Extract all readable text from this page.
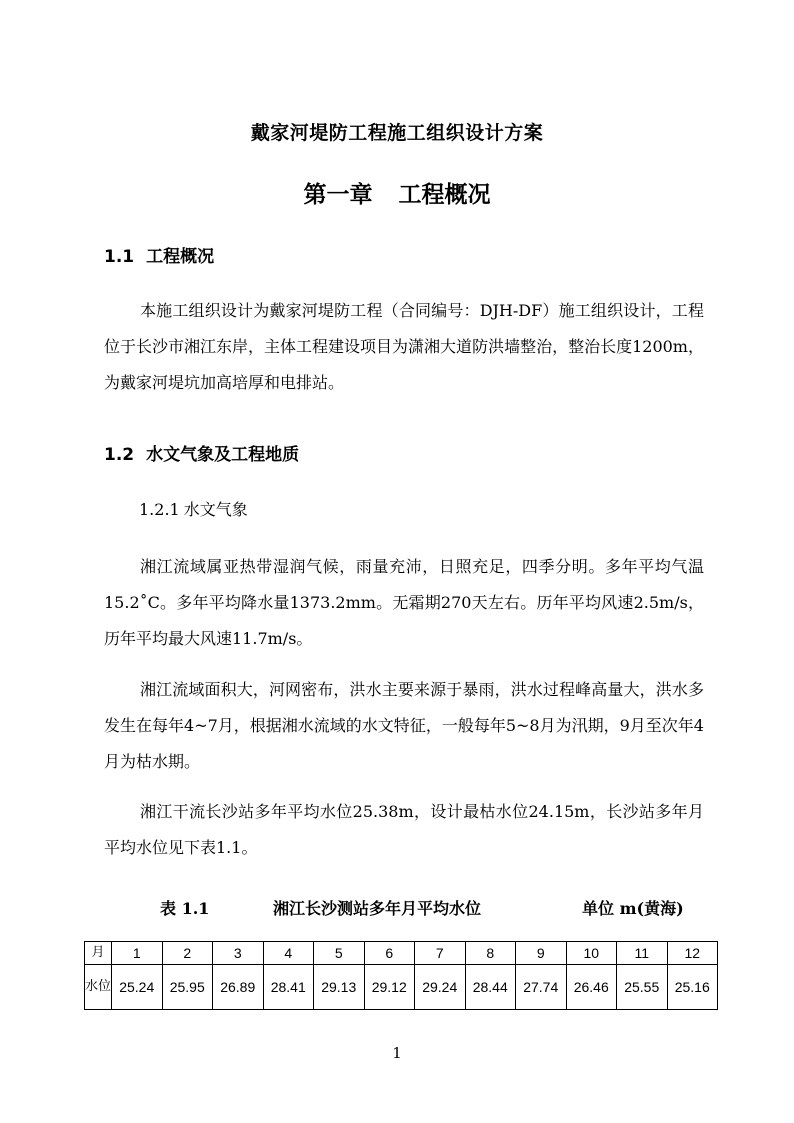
戴家河堤防工程施工组织设计方案
第一章 工程概况
1.1 工程概况
本施工组织设计为戴家河堤防工程（合同编号：DJH-DF）施工组织设计，工程位于长沙市湘江东岸，主体工程建设项目为潇湘大道防洪墙整治，整治长度1200m，为戴家河堤坑加高培厚和电排站。
1.2 水文气象及工程地质
1.2.1 水文气象
湘江流域属亚热带湿润气候，雨量充沛，日照充足，四季分明。多年平均气温15.2˚C。多年平均降水量1373.2mm。无霜期270天左右。历年平均风速2.5m/s，历年平均最大风速11.7m/s。
湘江流域面积大，河网密布，洪水主要来源于暴雨，洪水过程峰高量大，洪水多发生在每年4~7月，根据湘水流域的水文特征，一般每年5~8月为汛期，9月至次年4月为枯水期。
湘江干流长沙站多年平均水位25.38m，设计最枯水位24.15m，长沙站多年月平均水位见下表1.1。
表 1.1	湘江长沙测站多年月平均水位	单位 m(黄海)
月	1	2	3	4	5	6	7	8	9	10	11	12
水位	25.24	25.95	26.89	28.41	29.13	29.12	29.24	28.44	27.74	26.46	25.55	25.16
1
